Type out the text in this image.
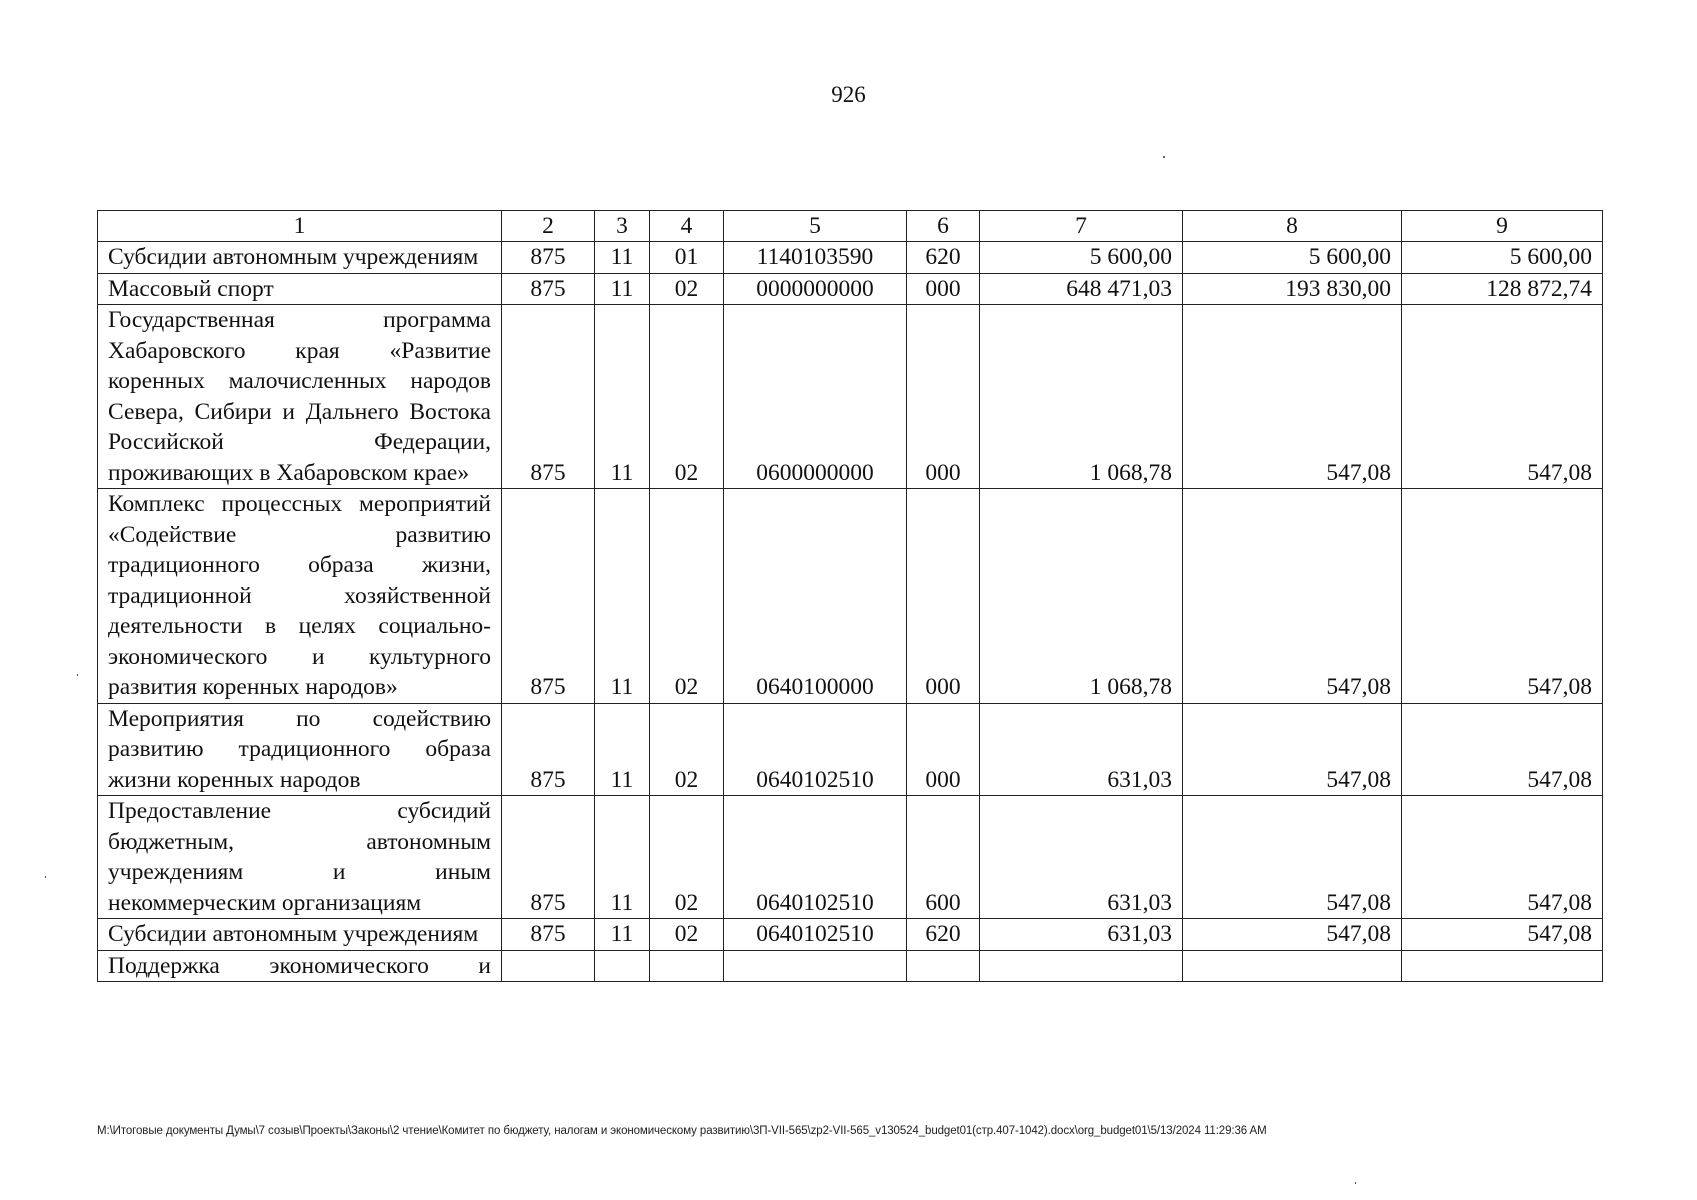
926
1	2	3	4	5	6	7	8	9
Субсидии автономным учреждениям	875	11	01	1140103590	620	5 600,00	5 600,00	5 600,00
Массовый спорт	875	11	02	0000000000	000	648 471,03	193 830,00	128 872,74
Государственная программа Хабаровского края «Развитие коренных малочисленных народов Севера, Сибири и Дальнего Востока Российской Федерации, проживающих в Хабаровском крае»	875	11	02	0600000000	000	1 068,78	547,08	547,08
Комплекс процессных мероприятий «Содействие развитию традиционного образа жизни, традиционной хозяйственной деятельности в целях социально-экономического и культурного развития коренных народов»	875	11	02	0640100000	000	1 068,78	547,08	547,08
Мероприятия по содействию развитию традиционного образа жизни коренных народов	875	11	02	0640102510	000	631,03	547,08	547,08
Предоставление субсидий бюджетным, автономным учреждениям и иным некоммерческим организациям	875	11	02	0640102510	600	631,03	547,08	547,08
Субсидии автономным учреждениям	875	11	02	0640102510	620	631,03	547,08	547,08
Поддержка экономического и								
M:\Итоговые документы Думы\7 созыв\Проекты\Законы\2 чтение\Комитет по бюджету, налогам и экономическому развитию\3П-VII-565\zp2-VII-565_v130524_budget01(стр.407-1042).docx\org_budget01\5/13/2024 11:29:36 AM
